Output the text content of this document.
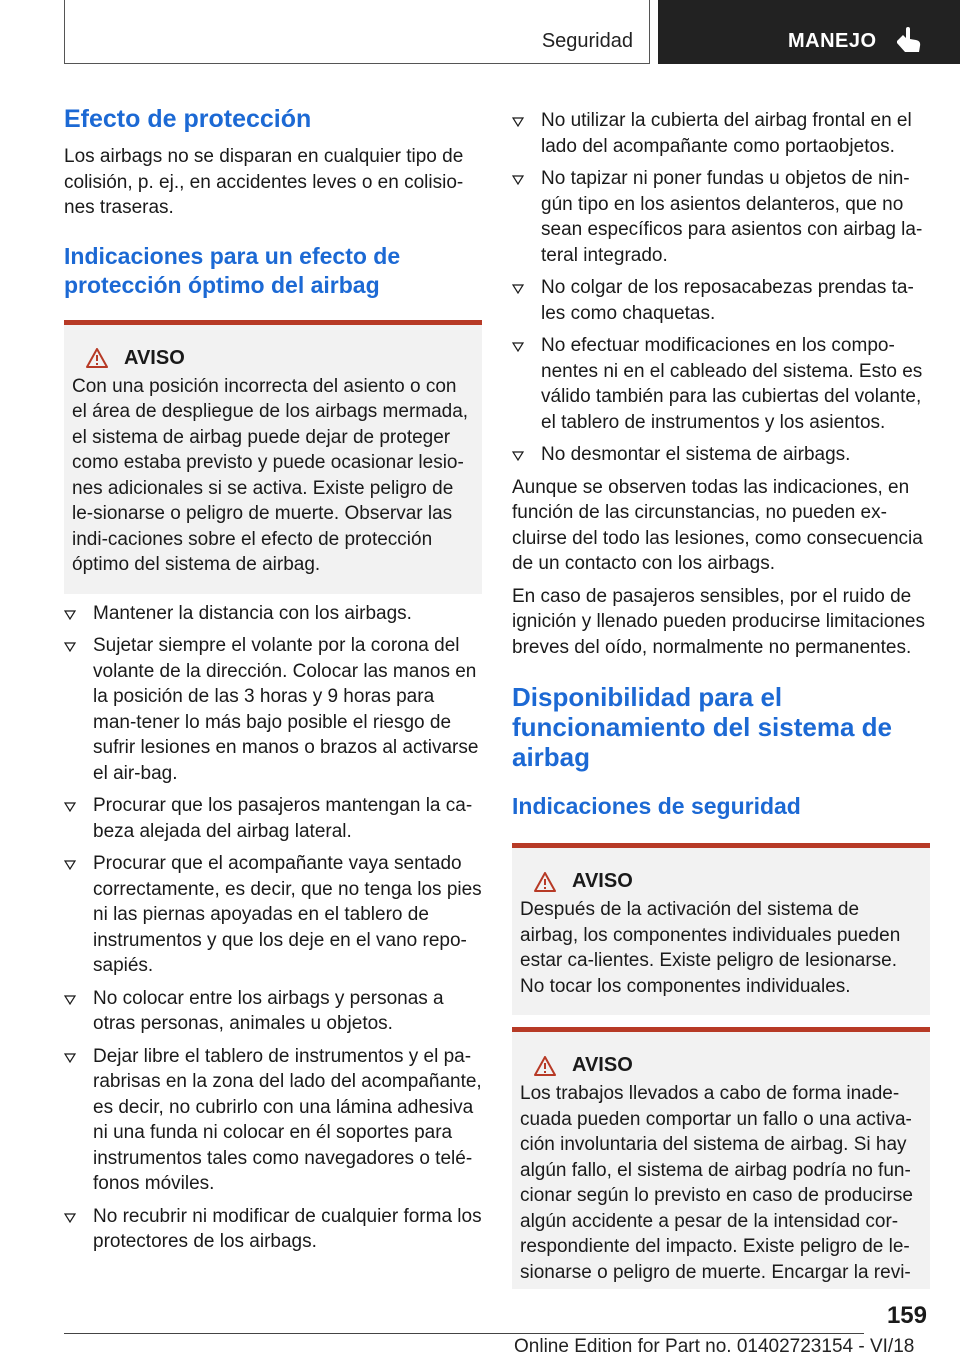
Seguridad	MANEJO
Efecto de protección
Los airbags no se disparan en cualquier tipo de colisión, p. ej., en accidentes leves o en colisio-nes traseras.
Indicaciones para un efecto de protección óptimo del airbag
AVISO
Con una posición incorrecta del asiento o con el área de despliegue de los airbags mermada, el sistema de airbag puede dejar de proteger como estaba previsto y puede ocasionar lesio-nes adicionales si se activa. Existe peligro de le-sionarse o peligro de muerte. Observar las indi-caciones sobre el efecto de protección óptimo del sistema de airbag.
Mantener la distancia con los airbags.
Sujetar siempre el volante por la corona del volante de la dirección. Colocar las manos en la posición de las 3 horas y 9 horas para man-tener lo más bajo posible el riesgo de sufrir lesiones en manos o brazos al activarse el air-bag.
Procurar que los pasajeros mantengan la ca-beza alejada del airbag lateral.
Procurar que el acompañante vaya sentado correctamente, es decir, que no tenga los pies ni las piernas apoyadas en el tablero de instrumentos y que los deje en el vano repo-sapiés.
No colocar entre los airbags y personas a otras personas, animales u objetos.
Dejar libre el tablero de instrumentos y el pa-rabrisas en la zona del lado del acompañante, es decir, no cubrirlo con una lámina adhesiva ni una funda ni colocar en él soportes para instrumentos tales como navegadores o telé-fonos móviles.
No recubrir ni modificar de cualquier forma los protectores de los airbags.
No utilizar la cubierta del airbag frontal en el lado del acompañante como portaobjetos.
No tapizar ni poner fundas u objetos de nin-gún tipo en los asientos delanteros, que no sean específicos para asientos con airbag la-teral integrado.
No colgar de los reposacabezas prendas ta-les como chaquetas.
No efectuar modificaciones en los compo-nentes ni en el cableado del sistema. Esto es válido también para las cubiertas del volante, el tablero de instrumentos y los asientos.
No desmontar el sistema de airbags.
Aunque se observen todas las indicaciones, en función de las circunstancias, no pueden ex-cluirse del todo las lesiones, como consecuencia de un contacto con los airbags.
En caso de pasajeros sensibles, por el ruido de ignición y llenado pueden producirse limitaciones breves del oído, normalmente no permanentes.
Disponibilidad para el funcionamiento del sistema de airbag
Indicaciones de seguridad
AVISO
Después de la activación del sistema de airbag, los componentes individuales pueden estar ca-lientes. Existe peligro de lesionarse. No tocar los componentes individuales.
AVISO
Los trabajos llevados a cabo de forma inade-cuada pueden comportar un fallo o una activa-ción involuntaria del sistema de airbag. Si hay algún fallo, el sistema de airbag podría no fun-cionar según lo previsto en caso de producirse algún accidente a pesar de la intensidad cor-respondiente del impacto. Existe peligro de le-sionarse o peligro de muerte. Encargar la revi-
159
Online Edition for Part no. 01402723154 - VI/18
